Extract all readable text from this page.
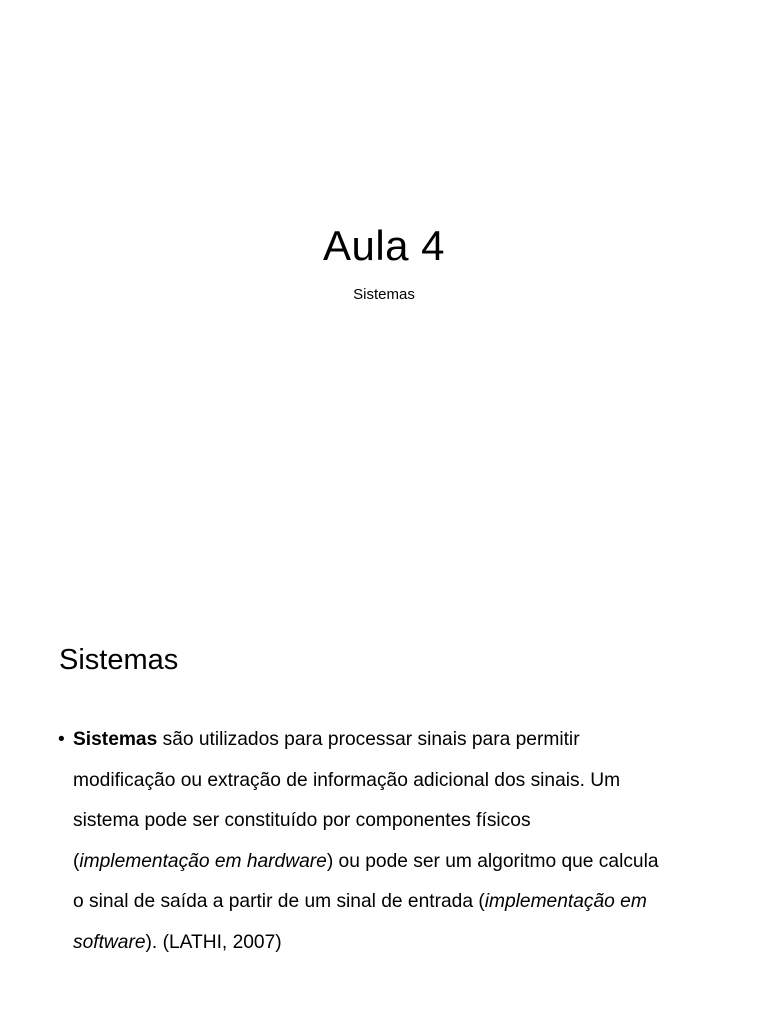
Aula 4
Sistemas
Sistemas
• Sistemas são utilizados para processar sinais para permitir
modificação ou extração de informação adicional dos sinais. Um
sistema pode ser constituído por componentes físicos
(implementação em hardware) ou pode ser um algoritmo que calcula
o sinal de saída a partir de um sinal de entrada (implementação em
software). (LATHI, 2007)
